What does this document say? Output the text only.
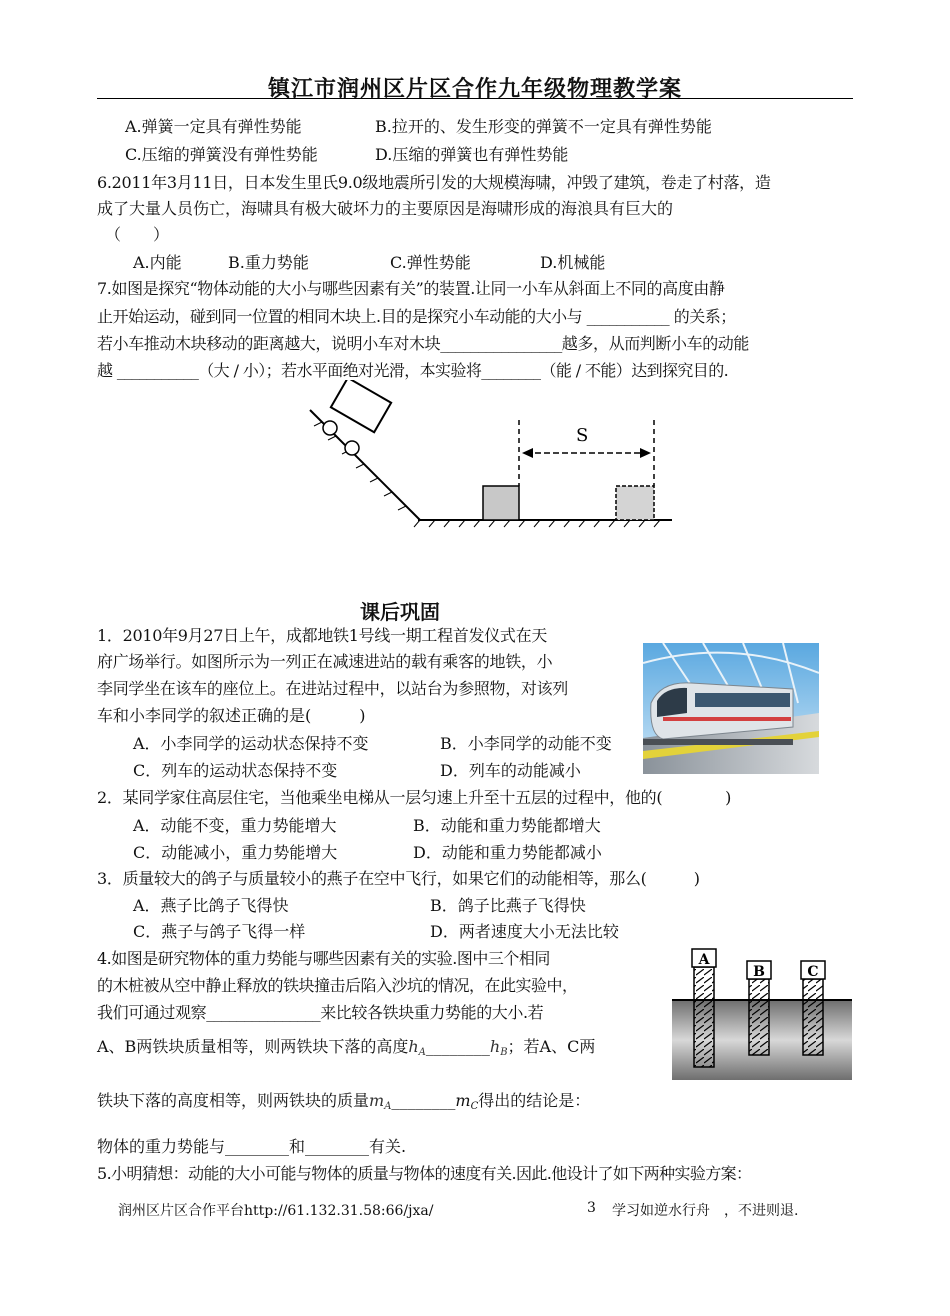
镇江市润州区片区合作九年级物理教学案
A.弹簧一定具有弹性势能	B.拉开的、发生形变的弹簧不一定具有弹性势能
C.压缩的弹簧没有弹性势能	D.压缩的弹簧也有弹性势能
6.2011年3月11日，日本发生里氏9.0级地震所引发的大规模海啸，冲毁了建筑，卷走了村落，造
成了大量人员伤亡，海啸具有极大破坏力的主要原因是海啸形成的海浪具有巨大的
（　　）
A.内能	B.重力势能	C.弹性势能	D.机械能
7.如图是探究“物体动能的大小与哪些因素有关”的装置.让同一小车从斜面上不同的高度由静
止开始运动，碰到同一位置的相同木块上.目的是探究小车动能的大小与 ___________ 的关系；
若小车推动木块移动的距离越大，说明小车对木块________________越多，从而判断小车的动能
越 ___________（大 / 小）；若水平面绝对光滑，本实验将________（能 / 不能）达到探究目的.
S
课后巩固
1．2010年9月27日上午，成都地铁1号线一期工程首发仪式在天
府广场举行。如图所示为一列正在减速进站的载有乘客的地铁，小
李同学坐在该车的座位上。在进站过程中，以站台为参照物，对该列
车和小李同学的叙述正确的是(　　　)
A．小李同学的运动状态保持不变	B．小李同学的动能不变
C．列车的运动状态保持不变	D．列车的动能减小
2．某同学家住高层住宅，当他乘坐电梯从一层匀速上升至十五层的过程中，他的(　　　　)
A．动能不变，重力势能增大	B．动能和重力势能都增大
C．动能减小，重力势能增大	D．动能和重力势能都减小
3．质量较大的鸽子与质量较小的燕子在空中飞行，如果它们的动能相等，那么(　　　)
A．燕子比鸽子飞得快	B．鸽子比燕子飞得快
C．燕子与鸽子飞得一样	D．两者速度大小无法比较
4.如图是研究物体的重力势能与哪些因素有关的实验.图中三个相同
的木桩被从空中静止释放的铁块撞击后陷入沙坑的情况，在此实验中，
我们可通过观察_______________来比较各铁块重力势能的大小.若
A、B两铁块质量相等，则两铁块下落的高度$h_A\_\_\_\_\_\_\_\_h_B$；若A、C两
铁块下落的高度相等，则两铁块的质量$m_A\_\_\_\_\_\_\_\_m_C$得出的结论是：
物体的重力势能与________和________有关.
A
B	C
5.小明猜想：动能的大小可能与物体的质量与物体的速度有关.因此.他设计了如下两种实验方案：
润州区片区合作平台http://61.132.31.58:66/jxa/	3 学习如逆水行舟　，不进则退.
